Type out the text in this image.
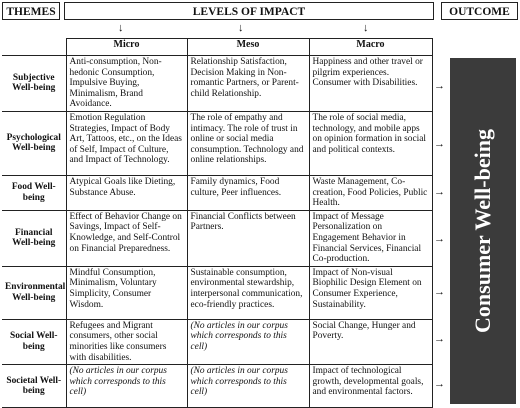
THEMES	LEVELS OF IMPACT	OUTCOME
↓	↓	↓
	Micro	Meso	Macro
Subjective Well-being	Anti-consumption, Non-hedonic Consumption, Impulsive Buying, Minimalism, Brand Avoidance.	Relationship Satisfaction, Decision Making in Non-romantic Partners, or Parent-child Relationship.	Happiness and other travel or pilgrim experiences. Consumer with Disabilities.
Psychological Well-being	Emotion Regulation Strategies, Impact of Body Art, Tattoos, etc., on the Ideas of Self, Impact of Culture, and Impact of Technology.	The role of empathy and intimacy. The role of trust in online or social media consumption. Technology and online relationships.	The role of social media, technology, and mobile apps on opinion formation in social and political contexts.
Food Well-being	Atypical Goals like Dieting, Substance Abuse.	Family dynamics, Food culture, Peer influences.	Waste Management, Co-creation, Food Policies, Public Health.
Financial Well-being	Effect of Behavior Change on Savings, Impact of Self-Knowledge, and Self-Control on Financial Preparedness.	Financial Conflicts between Partners.	Impact of Message Personalization on Engagement Behavior in Financial Services, Financial Co-production.
Environmental Well-being	Mindful Consumption, Minimalism, Voluntary Simplicity, Consumer Wisdom.	Sustainable consumption, environmental stewardship, interpersonal communication, eco-friendly practices.	Impact of Non-visual Biophilic Design Element on Consumer Experience, Sustainability.
Social Well-being	Refugees and Migrant consumers, other social minorities like consumers with disabilities.	(No articles in our corpus which corresponds to this cell)	Social Change, Hunger and Poverty.
Societal Well-being	(No articles in our corpus which corresponds to this cell)	(No articles in our corpus which corresponds to this cell)	Impact of technological growth, developmental goals, and environmental factors.
→
→
→
→
→
→
→
Consumer Well-being
